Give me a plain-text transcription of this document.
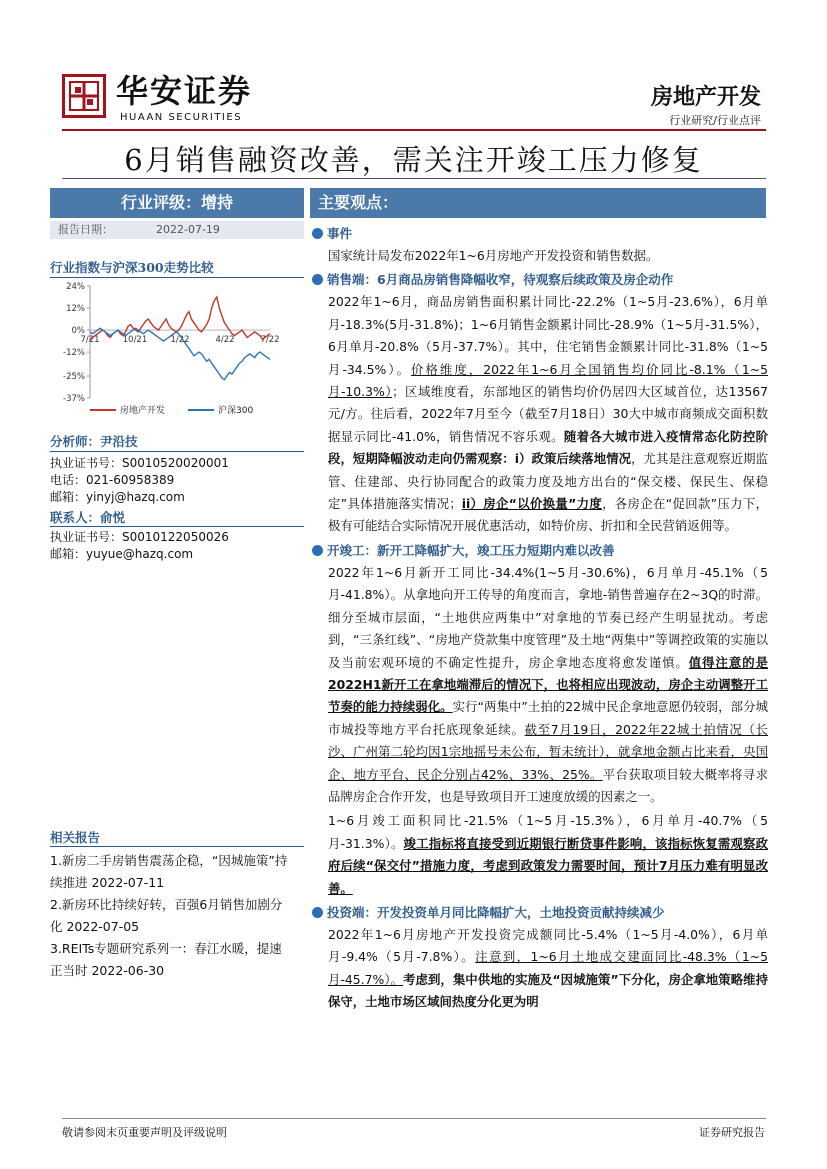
华安证券
HUAAN SECURITIES
房地产开发
行业研究/行业点评
6月销售融资改善，需关注开竣工压力修复
行业评级：增持
报告日期：	2022-07-19
行业指数与沪深300走势比较
24%
12%
0%
-12%
-25%
-37%
7/21	10/21	1/22	4/22	7/22
房地产开发	沪深300
分析师：尹沿技
执业证书号：S0010520020001
电话：021-60958389
邮箱：yinyj@hazq.com
联系人：俞悦
执业证书号：S0010122050026
邮箱：yuyue@hazq.com
相关报告

1.新房二手房销售震荡企稳，“因城施策”持续推进 2022-07-11

2.新房环比持续好转，百强6月销售加剧分化 2022-07-05

3.REITs专题研究系列一：春江水暖，提速正当时 2022-06-30

主要观点：
事件

国家统计局发布2022年1~6月房地产开发投资和销售数据。

销售端：6月商品房销售降幅收窄，待观察后续政策及房企动作

2022年1~6月，商品房销售面积累计同比-22.2%（1~5月-23.6%），6月单月-18.3%(5月-31.8%)；1~6月销售金额累计同比-28.9%（1~5月-31.5%），6月单月-20.8%（5月-37.7%）。其中，住宅销售金额累计同比-31.8%（1~5月-34.5%）。价格维度，2022年1~6月全国销售均价同比-8.1%（1~5月-10.3%）；区域维度看，东部地区的销售均价仍居四大区域首位，达13567元/方。往后看，2022年7月至今（截至7月18日）30大中城市商频成交面积数据显示同比-41.0%，销售情况不容乐观。随着各大城市进入疫情常态化防控阶段，短期降幅波动走向仍需观察：i）政策后续落地情况，尤其是注意观察近期监管、住建部、央行协同配合的政策力度及地方出台的“保交楼、保民生、保稳定”具体措施落实情况；ii）房企“以价换量”力度，各房企在“促回款”压力下，极有可能结合实际情况开展优惠活动，如特价房、折扣和全民营销返佣等。

开竣工：新开工降幅扩大，竣工压力短期内难以改善

2022年1~6月新开工同比-34.4%(1~5月-30.6%)，6月单月-45.1%（5月-41.8%）。从拿地向开工传导的角度而言，拿地-销售普遍存在2~3Q的时滞。细分至城市层面，“土地供应两集中”对拿地的节奏已经产生明显扰动。考虑到，“三条红线”、“房地产贷款集中度管理”及土地“两集中”等调控政策的实施以及当前宏观环境的不确定性提升，房企拿地态度将愈发谨慎。值得注意的是2022H1新开工在拿地端滞后的情况下，也将相应出现波动，房企主动调整开工节奏的能力持续弱化。实行“两集中”土拍的22城中民企拿地意愿仍较弱，部分城市城投等地方平台托底现象延续。截至7月19日，2022年22城土拍情况（长沙、广州第二轮均因1宗地摇号未公布，暂未统计），就拿地金额占比来看，央国企、地方平台、民企分别占42%、33%、25%。平台获取项目较大概率将寻求品牌房企合作开发，也是导致项目开工速度放缓的因素之一。

1~6月竣工面积同比-21.5%（1~5月-15.3%），6月单月-40.7%（5月-31.3%）。竣工指标将直接受到近期银行断贷事件影响，该指标恢复需观察政府后续“保交付”措施力度，考虑到政策发力需要时间，预计7月压力难有明显改善。

投资端：开发投资单月同比降幅扩大，土地投资贡献持续减少

2022年1~6月房地产开发投资完成额同比-5.4%（1~5月-4.0%），6月单月-9.4%（5月-7.8%）。注意到，1~6月土地成交建面同比-48.3%（1~5月-45.7%）。考虑到，集中供地的实施及“因城施策”下分化，房企拿地策略维持保守，土地市场区域间热度分化更为明

敬请参阅末页重要声明及评级说明	证券研究报告
